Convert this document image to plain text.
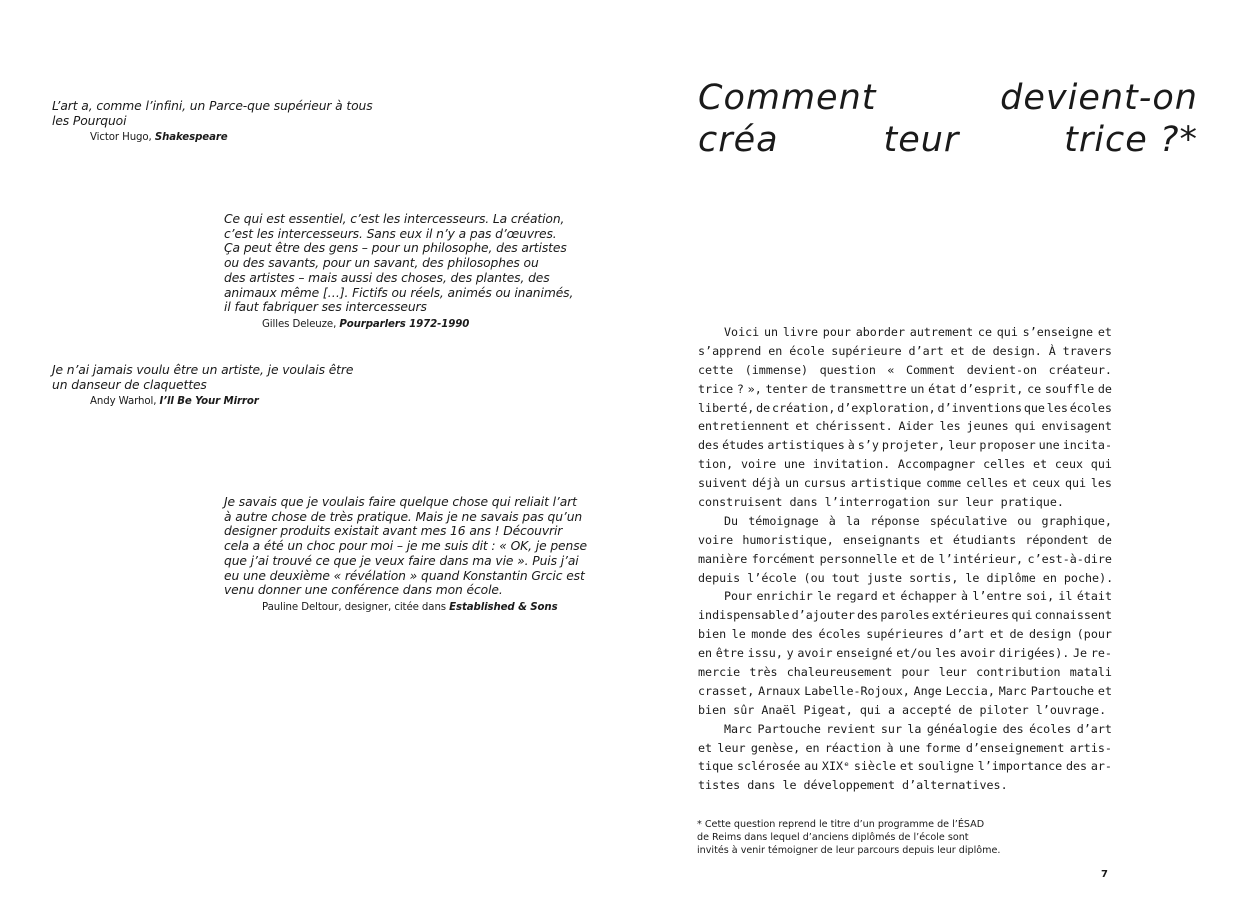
L’art a, comme l’infini, un Parce-que supérieur à tous
les Pourquoi
Victor Hugo, Shakespeare
Ce qui est essentiel, c’est les intercesseurs. La création,
c’est les intercesseurs. Sans eux il n’y a pas d’œuvres.
Ça peut être des gens – pour un philosophe, des artistes
ou des savants, pour un savant, des philosophes ou
des artistes – mais aussi des choses, des plantes, des
animaux même […]. Fictifs ou réels, animés ou inanimés,
il faut fabriquer ses intercesseurs
Gilles Deleuze, Pourparlers 1972-1990
Je n’ai jamais voulu être un artiste, je voulais être
un danseur de claquettes
Andy Warhol, I’ll Be Your Mirror
Je savais que je voulais faire quelque chose qui reliait l’art
à autre chose de très pratique. Mais je ne savais pas qu’un
designer produits existait avant mes 16 ans ! Découvrir
cela a été un choc pour moi – je me suis dit : « OK, je pense
que j’ai trouvé ce que je veux faire dans ma vie ». Puis j’ai
eu une deuxième « révélation » quand Konstantin Grcic est
venu donner une conférence dans mon école.
Pauline Deltour, designer, citée dans Established & Sons
Comment	devient-on
créa	teur	trice ?*
Voici un livre pour aborder autrement ce qui s’enseigne et
s’apprend en école supérieure d’art et de design. À travers
cette (immense) question « Comment devient-on créateur.
trice ? », tenter de transmettre un état d’esprit, ce souffle de
liberté, de création, d’exploration, d’inventions que les écoles
entretiennent et chérissent. Aider les jeunes qui envisagent
des études artistiques à s’y projeter, leur proposer une incita-
tion, voire une invitation. Accompagner celles et ceux qui
suivent déjà un cursus artistique comme celles et ceux qui les
construisent dans l’interrogation sur leur pratique.
Du témoignage à la réponse spéculative ou graphique,
voire humoristique, enseignants et étudiants répondent de
manière forcément personnelle et de l’intérieur, c’est-à-dire
depuis l’école (ou tout juste sortis, le diplôme en poche).
Pour enrichir le regard et échapper à l’entre soi, il était
indispensable d’ajouter des paroles extérieures qui connaissent
bien le monde des écoles supérieures d’art et de design (pour
en être issu, y avoir enseigné et/ou les avoir dirigées). Je re-
mercie très chaleureusement pour leur contribution matali
crasset, Arnaux Labelle-Rojoux, Ange Leccia, Marc Partouche et
bien sûr Anaël Pigeat, qui a accepté de piloter l’ouvrage.
Marc Partouche revient sur la généalogie des écoles d’art
et leur genèse, en réaction à une forme d’enseignement artis-
tique sclérosée au XIXᵉ siècle et souligne l’importance des ar-
tistes dans le développement d’alternatives.
* Cette question reprend le titre d’un programme de l’ÉSAD
de Reims dans lequel d’anciens diplômés de l’école sont
invités à venir témoigner de leur parcours depuis leur diplôme.
7
